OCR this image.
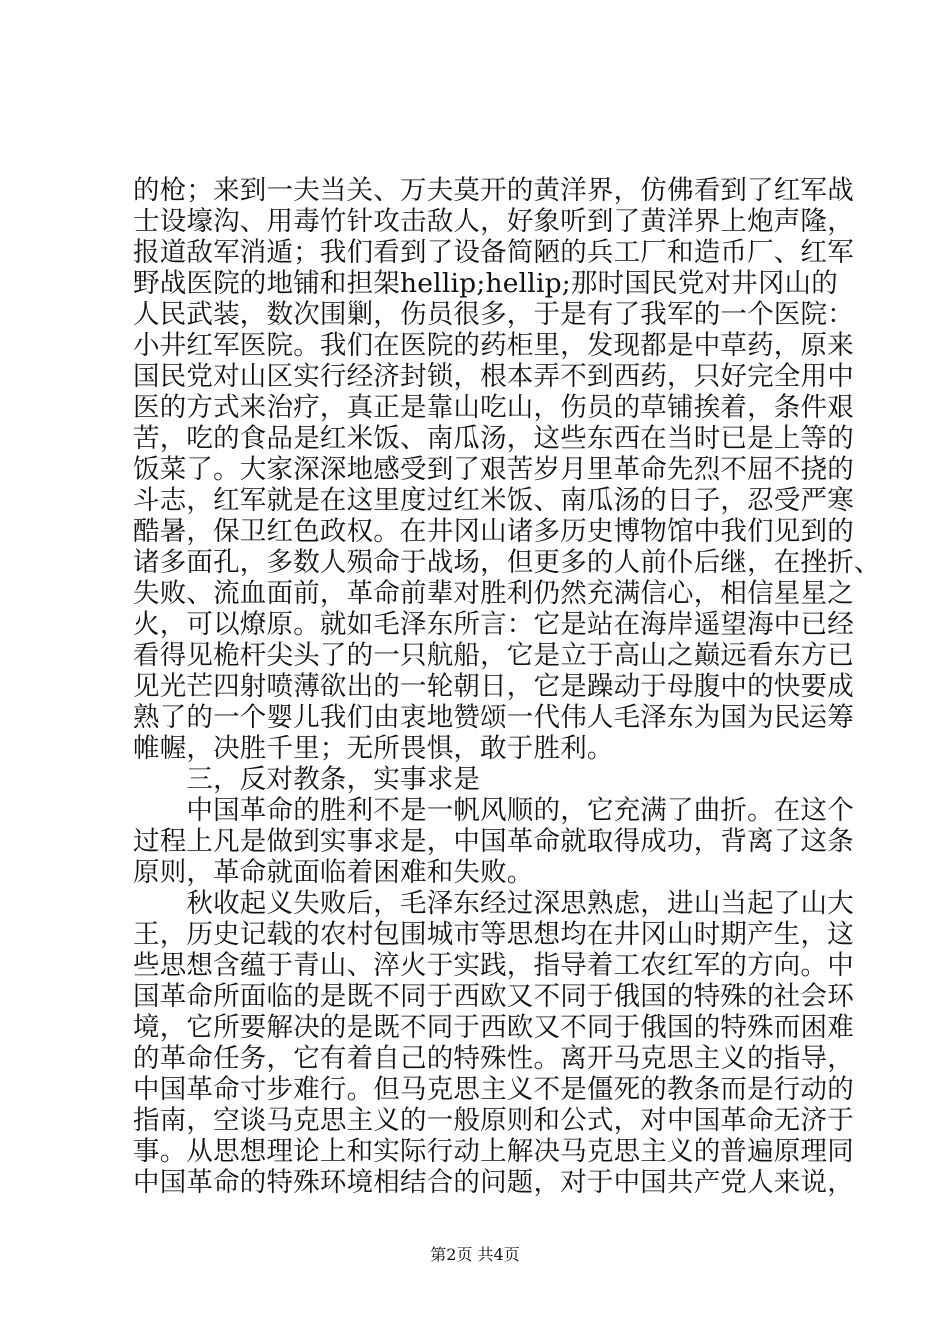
的枪；来到一夫当关、万夫莫开的黄洋界，仿佛看到了红军战
士设壕沟、用毒竹针攻击敌人，好象听到了黄洋界上炮声隆，
报道敌军消遁；我们看到了设备简陋的兵工厂和造币厂、红军
野战医院的地铺和担架hellip;hellip;那时国民党对井冈山的
人民武装，数次围剿，伤员很多，于是有了我军的一个医院：
小井红军医院。我们在医院的药柜里，发现都是中草药，原来
国民党对山区实行经济封锁，根本弄不到西药，只好完全用中
医的方式来治疗，真正是靠山吃山，伤员的草铺挨着，条件艰
苦，吃的食品是红米饭、南瓜汤，这些东西在当时已是上等的
饭菜了。大家深深地感受到了艰苦岁月里革命先烈不屈不挠的
斗志，红军就是在这里度过红米饭、南瓜汤的日子，忍受严寒
酷暑，保卫红色政权。在井冈山诸多历史博物馆中我们见到的
诸多面孔，多数人殒命于战场，但更多的人前仆后继，在挫折、
失败、流血面前，革命前辈对胜利仍然充满信心，相信星星之
火，可以燎原。就如毛泽东所言：它是站在海岸遥望海中已经
看得见桅杆尖头了的一只航船，它是立于高山之巅远看东方已
见光芒四射喷薄欲出的一轮朝日，它是躁动于母腹中的快要成
熟了的一个婴儿我们由衷地赞颂一代伟人毛泽东为国为民运筹
帷幄，决胜千里；无所畏惧，敢于胜利。
　　三，反对教条，实事求是
　　中国革命的胜利不是一帆风顺的，它充满了曲折。在这个
过程上凡是做到实事求是，中国革命就取得成功，背离了这条
原则，革命就面临着困难和失败。
　　秋收起义失败后，毛泽东经过深思熟虑，进山当起了山大
王，历史记载的农村包围城市等思想均在井冈山时期产生，这
些思想含蕴于青山、淬火于实践，指导着工农红军的方向。中
国革命所面临的是既不同于西欧又不同于俄国的特殊的社会环
境，它所要解决的是既不同于西欧又不同于俄国的特殊而困难
的革命任务，它有着自己的特殊性。离开马克思主义的指导，
中国革命寸步难行。但马克思主义不是僵死的教条而是行动的
指南，空谈马克思主义的一般原则和公式，对中国革命无济于
事。从思想理论上和实际行动上解决马克思主义的普遍原理同
中国革命的特殊环境相结合的问题，对于中国共产党人来说，
第2页 共4页
